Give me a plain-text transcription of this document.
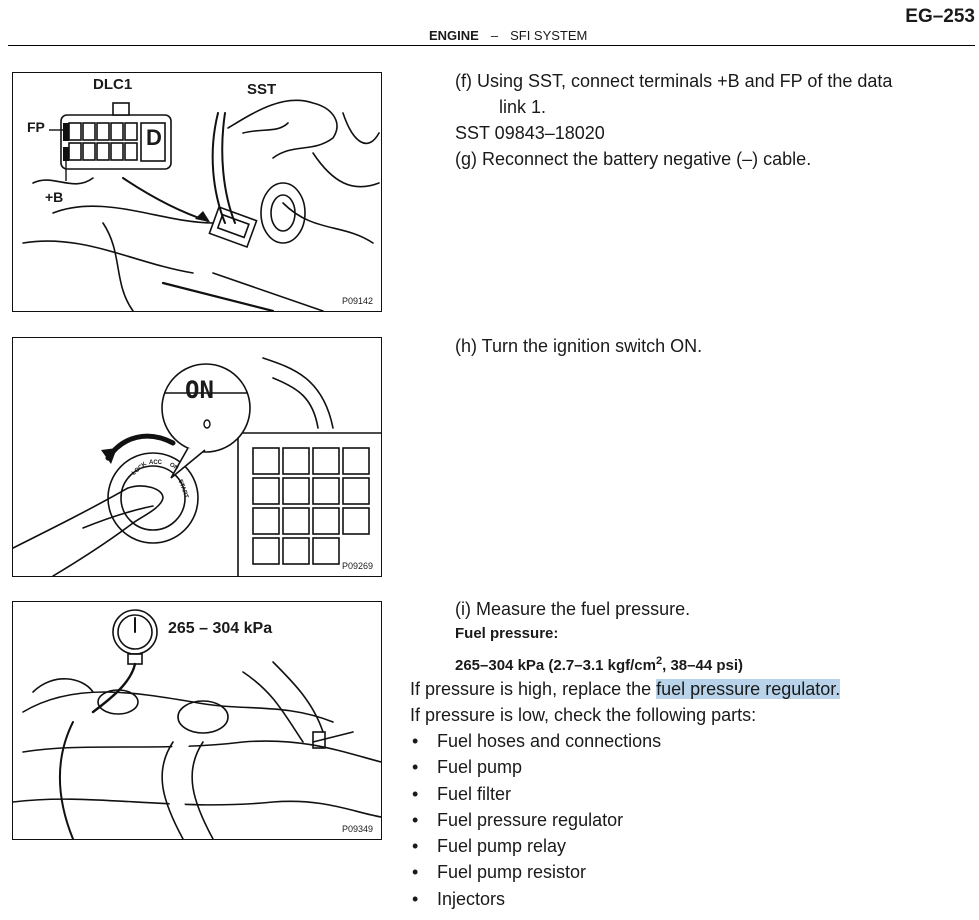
EG–253
ENGINE – SFI SYSTEM
DLC1	SST
FP
+B
D
P09142
ON
LOCK ACC ON
START
P09269
265 – 304 kPa
P09349
(f) Using SST, connect terminals +B and FP of the data
link 1.
SST 09843–18020
(g) Reconnect the battery negative (–) cable.
(h) Turn the ignition switch ON.
(i) Measure the fuel pressure.
Fuel pressure:
265–304 kPa (2.7–3.1 kgf/$cm^2$, 38–44 psi)
If pressure is high, replace the fuel pressure regulator.
If pressure is low, check the following parts:
• Fuel hoses and connections
• Fuel pump
• Fuel filter
• Fuel pressure regulator
• Fuel pump relay
• Fuel pump resistor
• Injectors
